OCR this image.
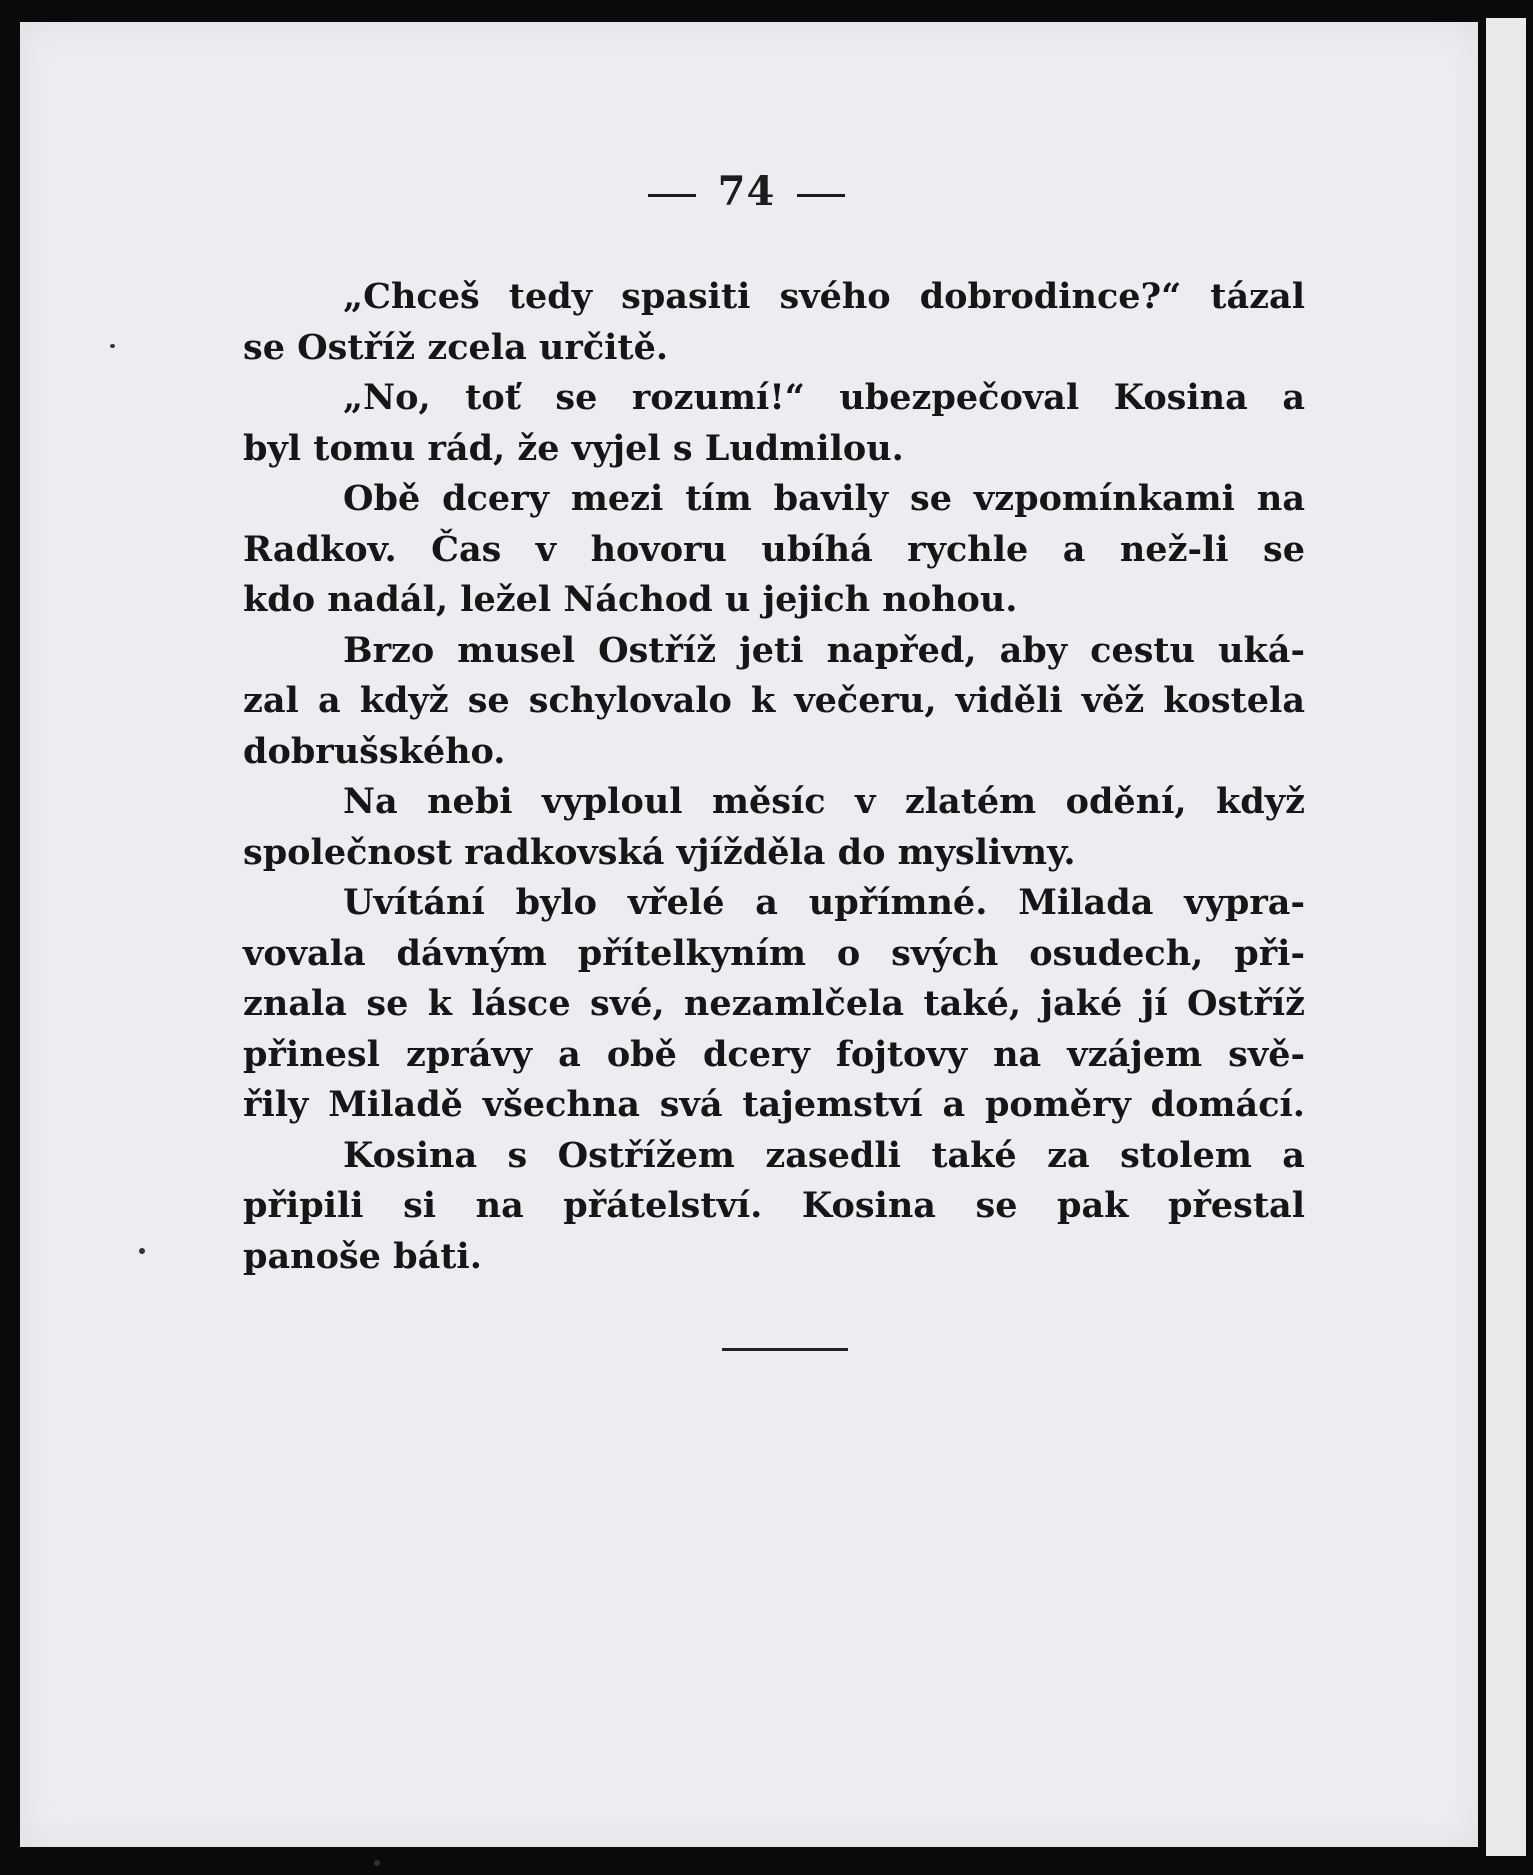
74
„Chceš tedy spasiti svého dobrodince?“ tázal
se Ostříž zcela určitě.
„No, toť se rozumí!“ ubezpečoval Kosina a
byl tomu rád, že vyjel s Ludmilou.
Obě dcery mezi tím bavily se vzpomínkami na
Radkov. Čas v hovoru ubíhá rychle a než-li se
kdo nadál, ležel Náchod u jejich nohou.
Brzo musel Ostříž jeti napřed, aby cestu uká-
zal a když se schylovalo k večeru, viděli věž kostela
dobrušského.
Na nebi vyploul měsíc v zlatém odění, když
společnost radkovská vjížděla do myslivny.
Uvítání bylo vřelé a upřímné. Milada vypra-
vovala dávným přítelkyním o svých osudech, při-
znala se k lásce své, nezamlčela také, jaké jí Ostříž
přinesl zprávy a obě dcery fojtovy na vzájem svě-
řily Miladě všechna svá tajemství a poměry domácí.
Kosina s Ostřížem zasedli také za stolem a
připili si na přátelství. Kosina se pak přestal
panoše báti.
